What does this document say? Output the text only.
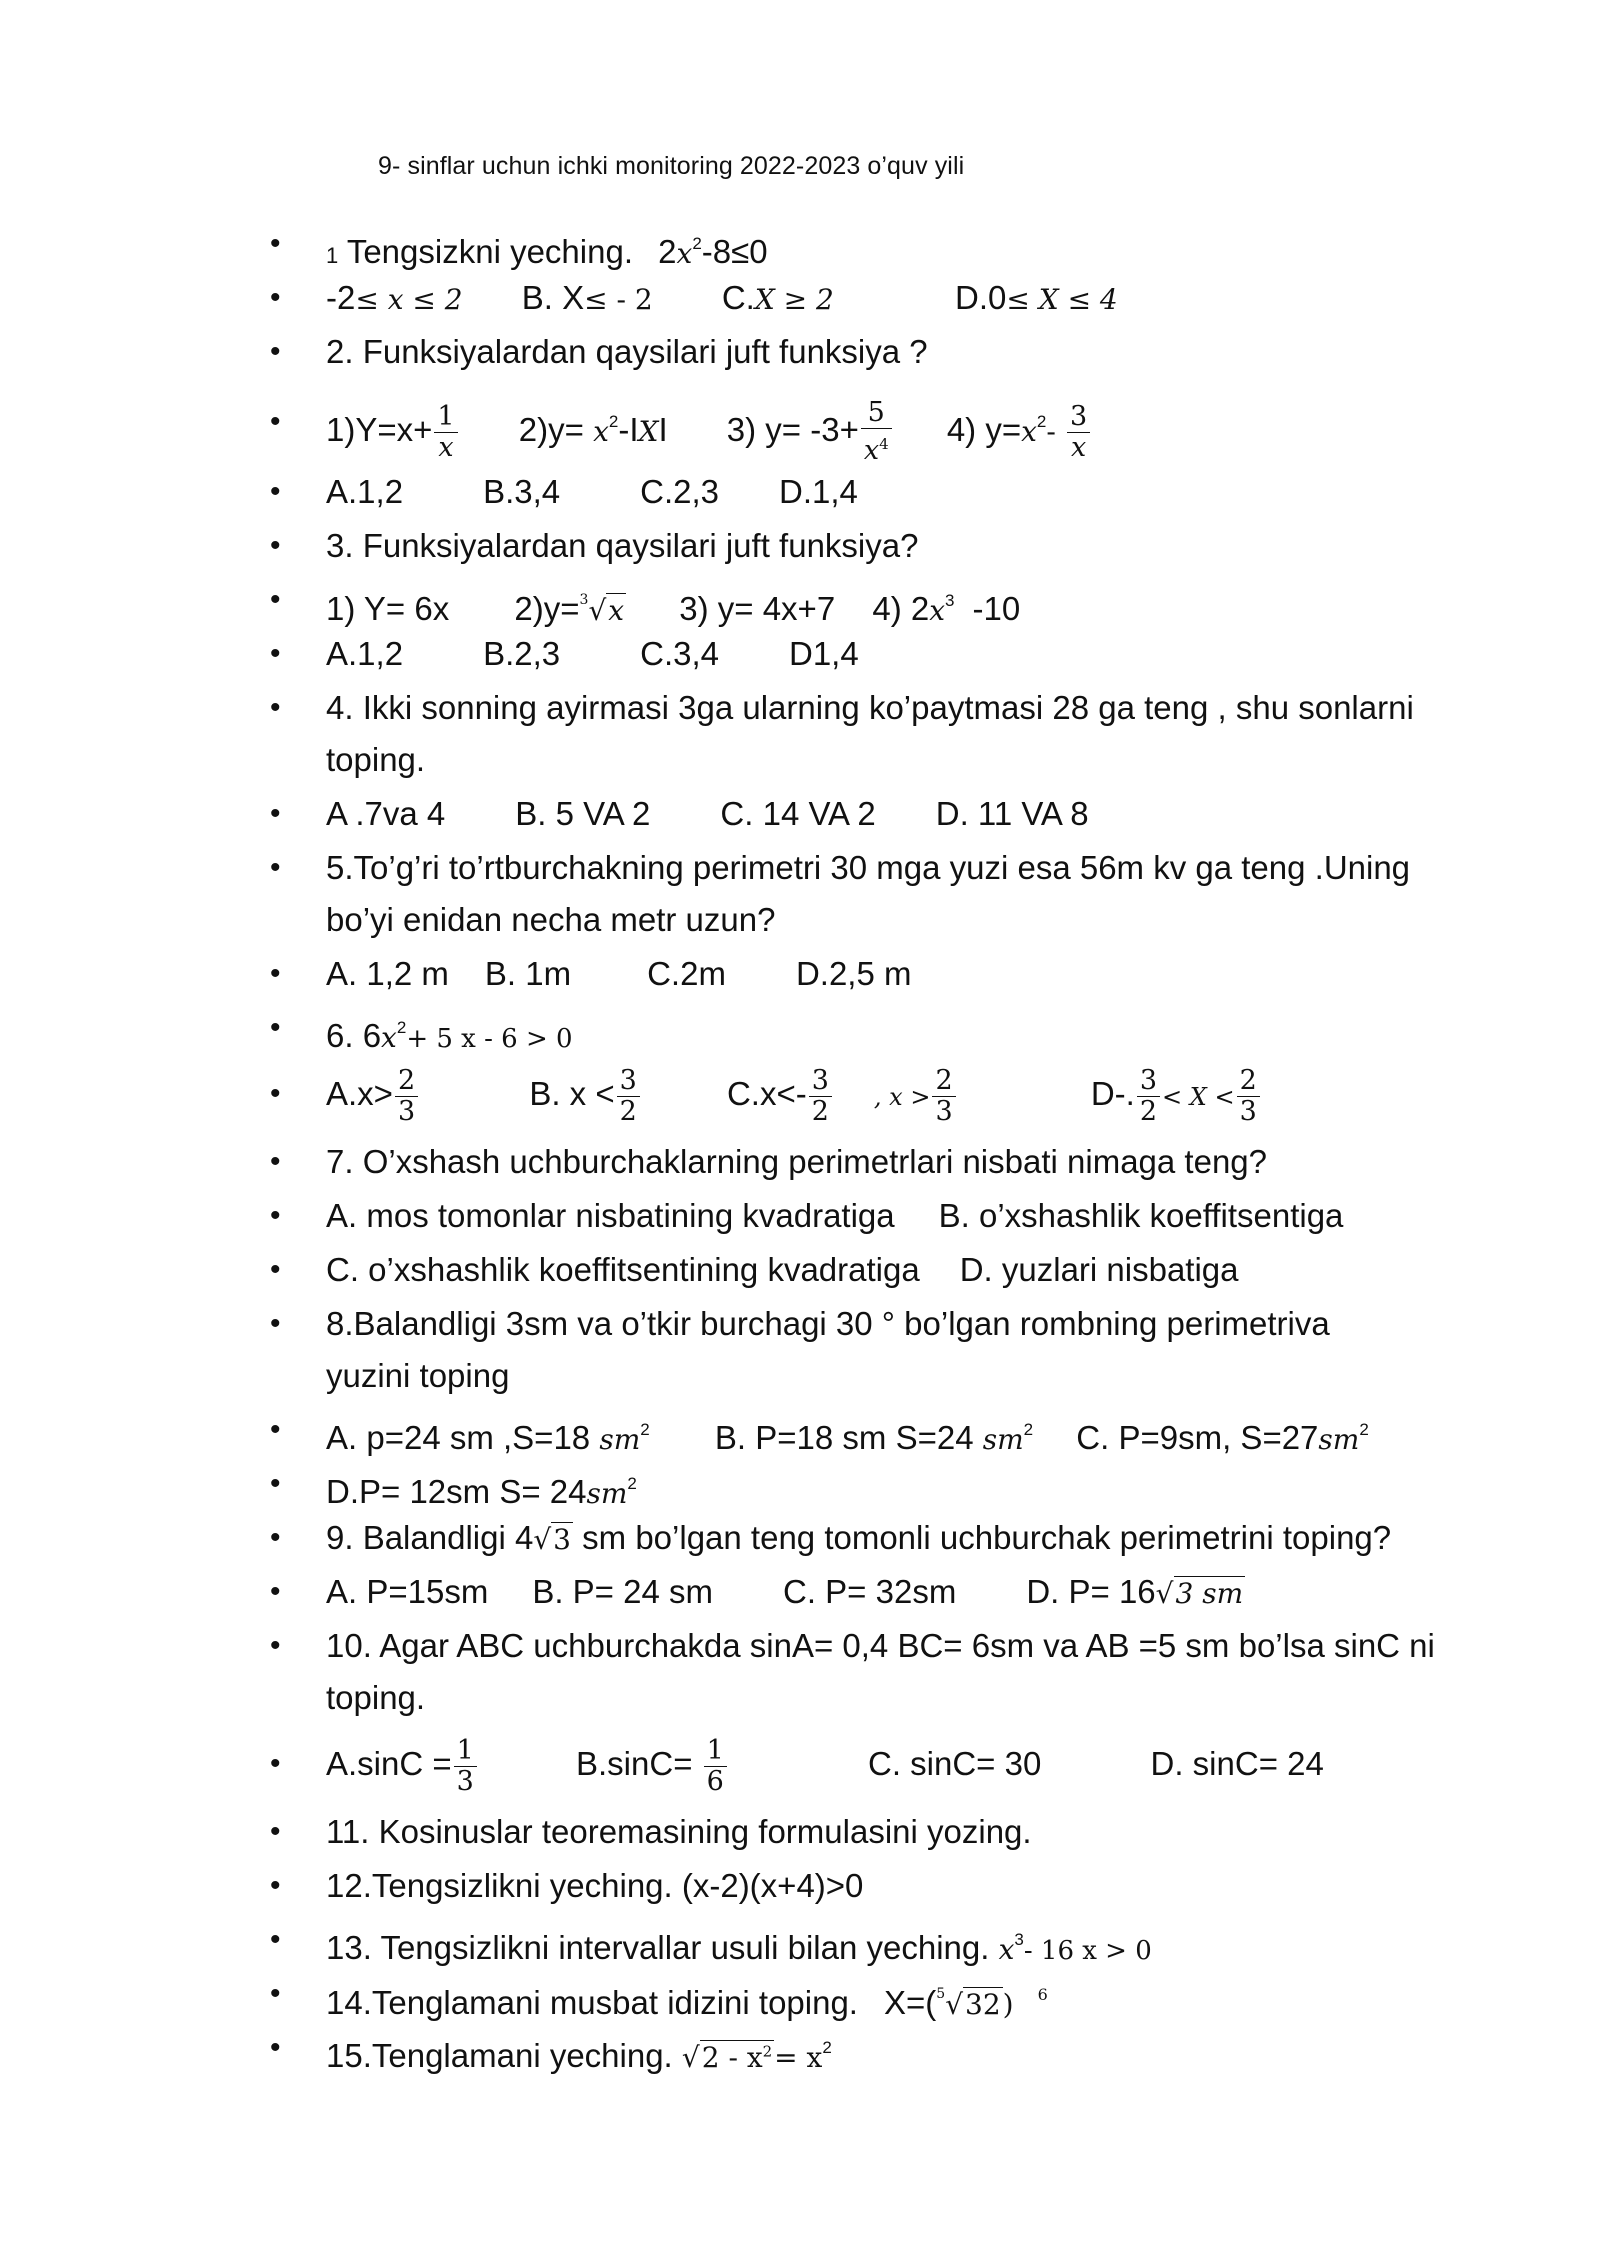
9- sinflar uchun ichki monitoring 2022-2023 o’quv yili
• 1 Tengsizkni yeching. $2x^2-8\le 0$
• -2≤ x ≤ 2 B. X≤ - 2 C.X ≥ 2	D.0≤ X ≤ 4
• 2. Funksiyalardan qaysilari juft funksiya ?
• $1)Y=x+ \frac{1}{x} 2)y= x^2-IXI$ 3) $y= -3+ \frac{5}{x^4} 4$) $y=x^2- \frac{3}{x}$
• A.1,2 B.3,4 C.2,3 D.1,4
• 3. Funksiyalardan qaysilari juft funksiya?
• 1) Y= 6x 2)y=$^3$√x 3) y= 4x+7 4) $2x^3$ -10
• A.1,2 B.2,3 C.3,4 D1,4
• 4. Ikki sonning ayirmasi 3ga ularning ko’paytmasi 28 ga teng , shu sonlarni
toping.
• A .7va 4 B. 5 VA 2 C. 14 VA 2 D. 11 VA 8
• 5.To’g’ri to’rtburchakning perimetri 30 mga yuzi esa 56m kv ga teng .Uning
bo’yi enidan necha metr uzun?
• A. 1,2 m B. 1m C.2m D.2,5 m
• 6. $6x^2+ 5$ x - 6 > 0
• $A.x> \frac{2}{3}$	B. $x < \frac{3}{2}$	$C.x<- \frac{3}{2}$ , $x > \frac{2}{3}$	D-. $\frac{3}{2} < X < \frac{2}{3}$
• 7. O’xshash uchburchaklarning perimetrlari nisbati nimaga teng?
• A. mos tomonlar nisbatining kvadratiga B. o’xshashlik koeffitsentiga
• C. o’xshashlik koeffitsentining kvadratiga D. yuzlari nisbatiga
• 8.Balandligi 3sm va o’tkir burchagi 30 ° bo’lgan rombning perimetriva
yuzini toping
• A. p=24 sm ,S=18 $sm^2$ B. P=18 sm S=24 $sm^2$ C. P=9sm, $S=27sm^2$
• D.P= 12sm $S= 24sm^2$
• 9. Balandligi 4√3 sm bo’lgan teng tomonli uchburchak perimetrini toping?
• A. P=15sm B. P= 24 sm C. P= 32sm D. P= 16√3 sm
• 10. Agar ABC uchburchakda sinA= 0,4 BC= 6sm va AB =5 sm bo’lsa sinC ni
toping.
• $A.\sin C = \frac{1}{3}$	$B.\sin C= \frac{1}{6}$	C. sinC= 30	D. sinC= 24
• 11. Kosinuslar teoremasining formulasini yozing.
• 12.Tengsizlikni yeching. (x-2)(x+4)>0
• 13. Tengsizlikni intervallar usuli bilan yeching. $x^3-$ 16 x > 0
• 14.Tenglamani musbat idizini toping. X=($^5$√32) $^6$
• 15.Tenglamani yeching. $√2 - x^2= x^2$
